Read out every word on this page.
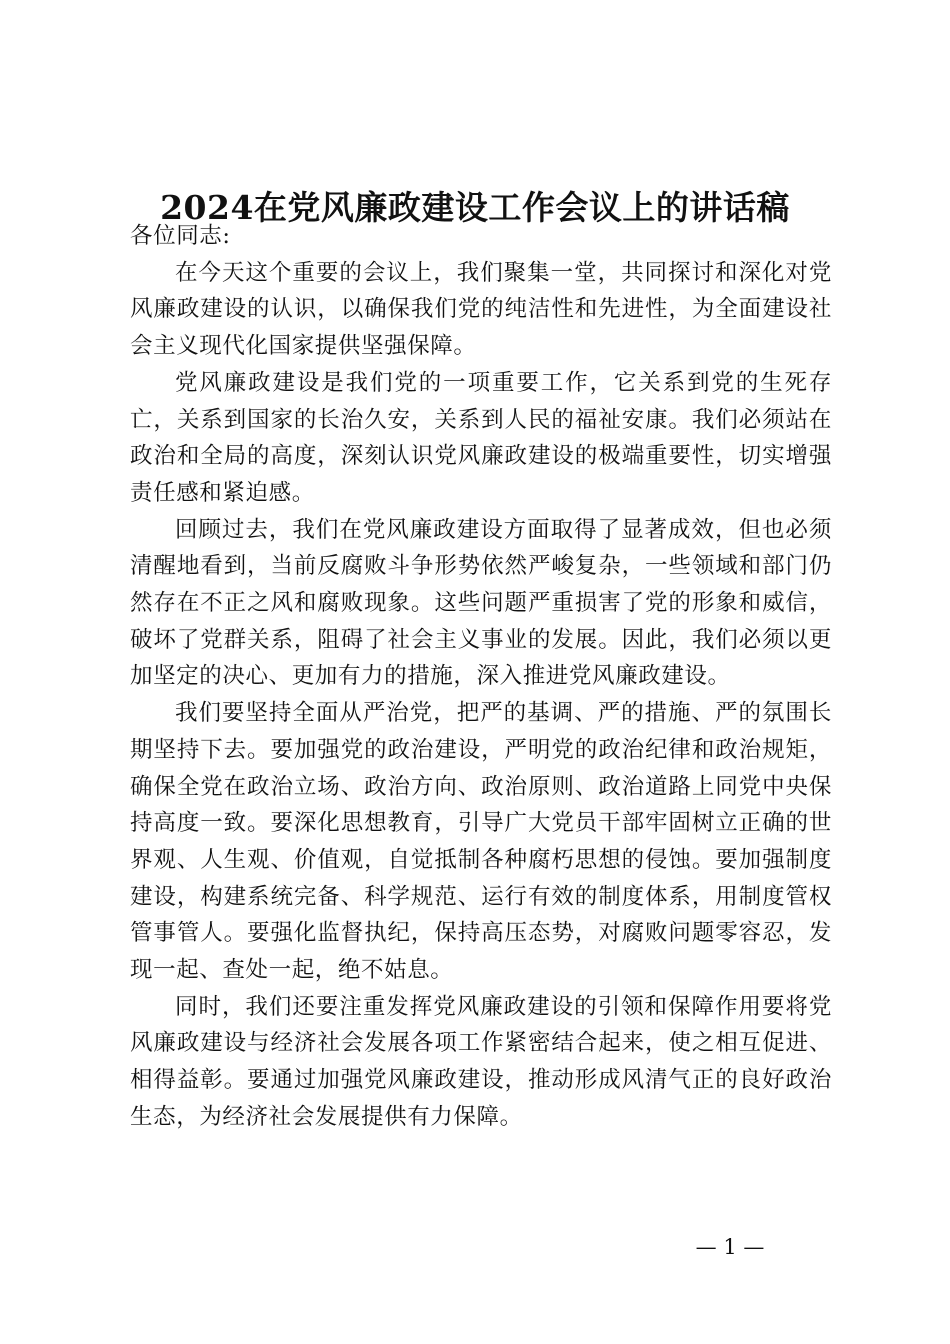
2024在党风廉政建设工作会议上的讲话稿

各位同志:

在今天这个重要的会议上，我们聚集一堂，共同探讨和深化对党风廉政建设的认识，以确保我们党的纯洁性和先进性，为全面建设社会主义现代化国家提供坚强保障。

党风廉政建设是我们党的一项重要工作，它关系到党的生死存亡，关系到国家的长治久安，关系到人民的福祉安康。我们必须站在政治和全局的高度，深刻认识党风廉政建设的极端重要性，切实增强责任感和紧迫感。

回顾过去，我们在党风廉政建设方面取得了显著成效，但也必须清醒地看到，当前反腐败斗争形势依然严峻复杂，一些领域和部门仍然存在不正之风和腐败现象。这些问题严重损害了党的形象和威信，破坏了党群关系，阻碍了社会主义事业的发展。因此，我们必须以更加坚定的决心、更加有力的措施，深入推进党风廉政建设。

我们要坚持全面从严治党，把严的基调、严的措施、严的氛围长期坚持下去。要加强党的政治建设，严明党的政治纪律和政治规矩，确保全党在政治立场、政治方向、政治原则、政治道路上同党中央保持高度一致。要深化思想教育，引导广大党员干部牢固树立正确的世界观、人生观、价值观，自觉抵制各种腐朽思想的侵蚀。要加强制度建设，构建系统完备、科学规范、运行有效的制度体系，用制度管权管事管人。要强化监督执纪，保持高压态势，对腐败问题零容忍，发现一起、查处一起，绝不姑息。

同时，我们还要注重发挥党风廉政建设的引领和保障作用要将党风廉政建设与经济社会发展各项工作紧密结合起来，使之相互促进、相得益彰。要通过加强党风廉政建设，推动形成风清气正的良好政治生态，为经济社会发展提供有力保障。

— 1 —
